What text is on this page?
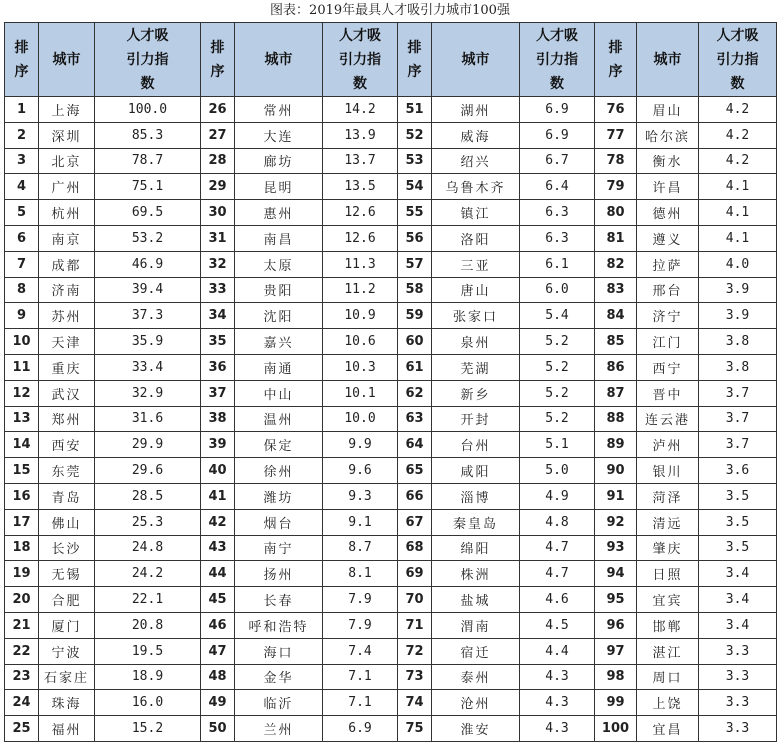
图表：2019年最具人才吸引力城市100强
排序	城市	人才吸引力指数	排序	城市	人才吸引力指数	排序	城市	人才吸引力指数	排序	城市	人才吸引力指数
1	上海	100.0	26	常州	14.2	51	湖州	6.9	76	眉山	4.2
2	深圳	85.3	27	大连	13.9	52	威海	6.9	77	哈尔滨	4.2
3	北京	78.7	28	廊坊	13.7	53	绍兴	6.7	78	衡水	4.2
4	广州	75.1	29	昆明	13.5	54	乌鲁木齐	6.4	79	许昌	4.1
5	杭州	69.5	30	惠州	12.6	55	镇江	6.3	80	德州	4.1
6	南京	53.2	31	南昌	12.6	56	洛阳	6.3	81	遵义	4.1
7	成都	46.9	32	太原	11.3	57	三亚	6.1	82	拉萨	4.0
8	济南	39.4	33	贵阳	11.2	58	唐山	6.0	83	邢台	3.9
9	苏州	37.3	34	沈阳	10.9	59	张家口	5.4	84	济宁	3.9
10	天津	35.9	35	嘉兴	10.6	60	泉州	5.2	85	江门	3.8
11	重庆	33.4	36	南通	10.3	61	芜湖	5.2	86	西宁	3.8
12	武汉	32.9	37	中山	10.1	62	新乡	5.2	87	晋中	3.7
13	郑州	31.6	38	温州	10.0	63	开封	5.2	88	连云港	3.7
14	西安	29.9	39	保定	9.9	64	台州	5.1	89	泸州	3.7
15	东莞	29.6	40	徐州	9.6	65	咸阳	5.0	90	银川	3.6
16	青岛	28.5	41	潍坊	9.3	66	淄博	4.9	91	菏泽	3.5
17	佛山	25.3	42	烟台	9.1	67	秦皇岛	4.8	92	清远	3.5
18	长沙	24.8	43	南宁	8.7	68	绵阳	4.7	93	肇庆	3.5
19	无锡	24.2	44	扬州	8.1	69	株洲	4.7	94	日照	3.4
20	合肥	22.1	45	长春	7.9	70	盐城	4.6	95	宜宾	3.4
21	厦门	20.8	46	呼和浩特	7.9	71	渭南	4.5	96	邯郸	3.4
22	宁波	19.5	47	海口	7.4	72	宿迁	4.4	97	湛江	3.3
23	石家庄	18.9	48	金华	7.1	73	泰州	4.3	98	周口	3.3
24	珠海	16.0	49	临沂	7.1	74	沧州	4.3	99	上饶	3.3
25	福州	15.2	50	兰州	6.9	75	淮安	4.3	100	宜昌	3.3
